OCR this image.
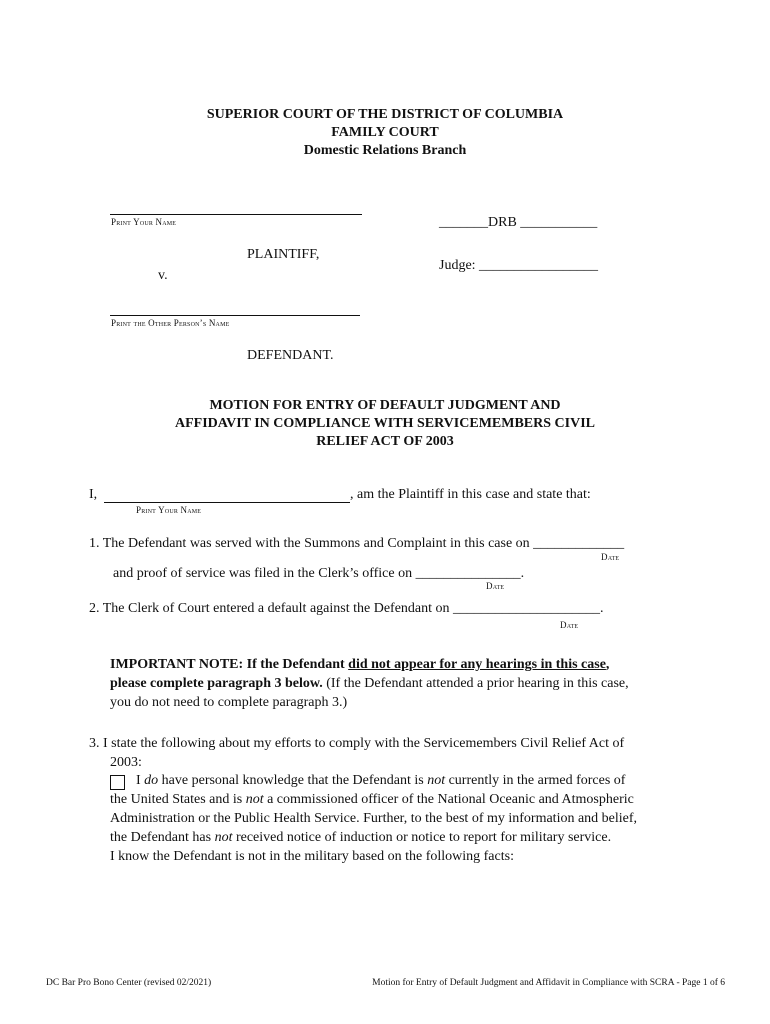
SUPERIOR COURT OF THE DISTRICT OF COLUMBIA
FAMILY COURT
Domestic Relations Branch
Print Your Name	_______DRB ___________
PLAINTIFF,
v.
Judge: _________________
Print the Other Person’s Name
DEFENDANT.
MOTION FOR ENTRY OF DEFAULT JUDGMENT AND
AFFIDAVIT IN COMPLIANCE WITH SERVICEMEMBERS CIVIL
RELIEF ACT OF 2003
I,	, am the Plaintiff in this case and state that:
Print Your Name
1. The Defendant was served with the Summons and Complaint in this case on _____________
Date
and proof of service was filed in the Clerk’s office on _______________.
Date
2. The Clerk of Court entered a default against the Defendant on _____________________.
Date
IMPORTANT NOTE: If the Defendant did not appear for any hearings in this case,
please complete paragraph 3 below. (If the Defendant attended a prior hearing in this case,
you do not need to complete paragraph 3.)
3. I state the following about my efforts to comply with the Servicemembers Civil Relief Act of
2003:
I do have personal knowledge that the Defendant is not currently in the armed forces of
the United States and is not a commissioned officer of the National Oceanic and Atmospheric
Administration or the Public Health Service. Further, to the best of my information and belief,
the Defendant has not received notice of induction or notice to report for military service.
I know the Defendant is not in the military based on the following facts:
DC Bar Pro Bono Center (revised 02/2021)	Motion for Entry of Default Judgment and Affidavit in Compliance with SCRA - Page 1 of 6
